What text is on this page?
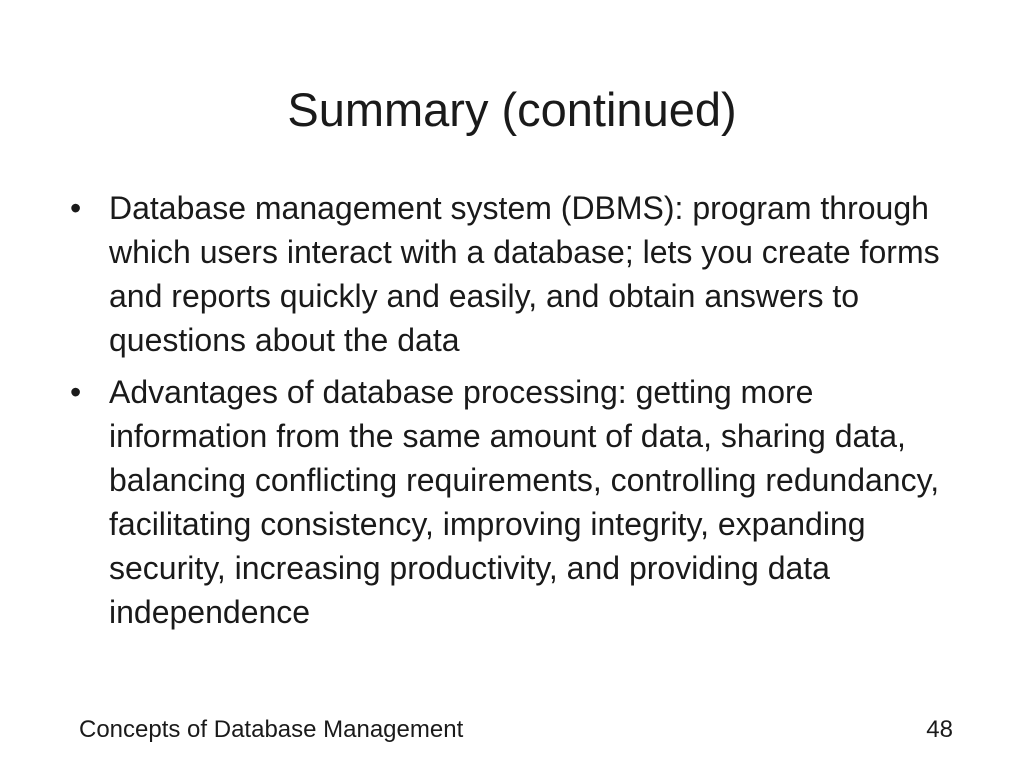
Summary (continued)
• Database management system (DBMS): program through which users interact with a database; lets you create forms and reports quickly and easily, and obtain answers to questions about the data
• Advantages of database processing: getting more information from the same amount of data, sharing data, balancing conflicting requirements, controlling redundancy, facilitating consistency, improving integrity, expanding security, increasing productivity, and providing data independence
Concepts of Database Management	48
